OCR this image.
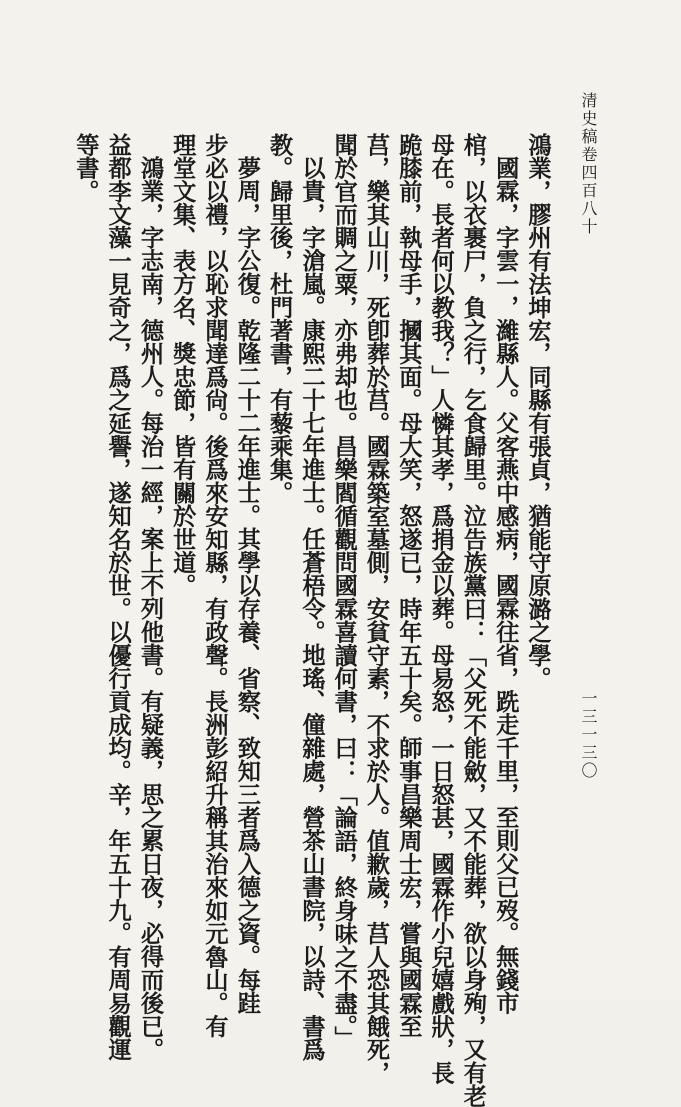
清史稿卷四百八十
一三一三〇
鴻業，膠州有法坤宏，同縣有張貞，猶能守原潞之學。
國霖，字雲一，濰縣人。父客燕中感病，國霖往省，跣走千里，至則父已歿。無錢市
棺，以衣裹尸，負之行，乞食歸里。泣告族黨曰：「父死不能斂，又不能葬，欲以身殉，又有老
母在。長者何以教我？」人憐其孝，爲捐金以葬。母易怒，一日怒甚，國霖作小兒嬉戲狀，長
跪膝前，執母手，摑其面。母大笑，怒遂已，時年五十矣。師事昌樂周士宏，嘗與國霖至
莒，樂其山川，死卽葬於莒。國霖築室墓側，安貧守素，不求於人。值歉歲，莒人恐其餓死，
聞於官而賙之粟，亦弗却也。昌樂閻循觀問國霖喜讀何書，曰：「論語，終身味之不盡。」
以貴，字滄嵐。康熙二十七年進士。任蒼梧令。地瑤、僮雜處，營茶山書院，以詩、書爲
教。歸里後，杜門著書，有藜乘集。
夢周，字公復。乾隆二十二年進士。其學以存養、省察、致知三者爲入德之資。每跬
步必以禮，以恥求聞達爲尙。後爲來安知縣，有政聲。長洲彭紹升稱其治來如元魯山。有
理堂文集、表方名、獎忠節，皆有關於世道。
鴻業，字志南，德州人。每治一經，案上不列他書。有疑義，思之累日夜，必得而後已。
益都李文藻一見奇之，爲之延譽，遂知名於世。以優行貢成均。辛，年五十九。有周易觀運
等書。
